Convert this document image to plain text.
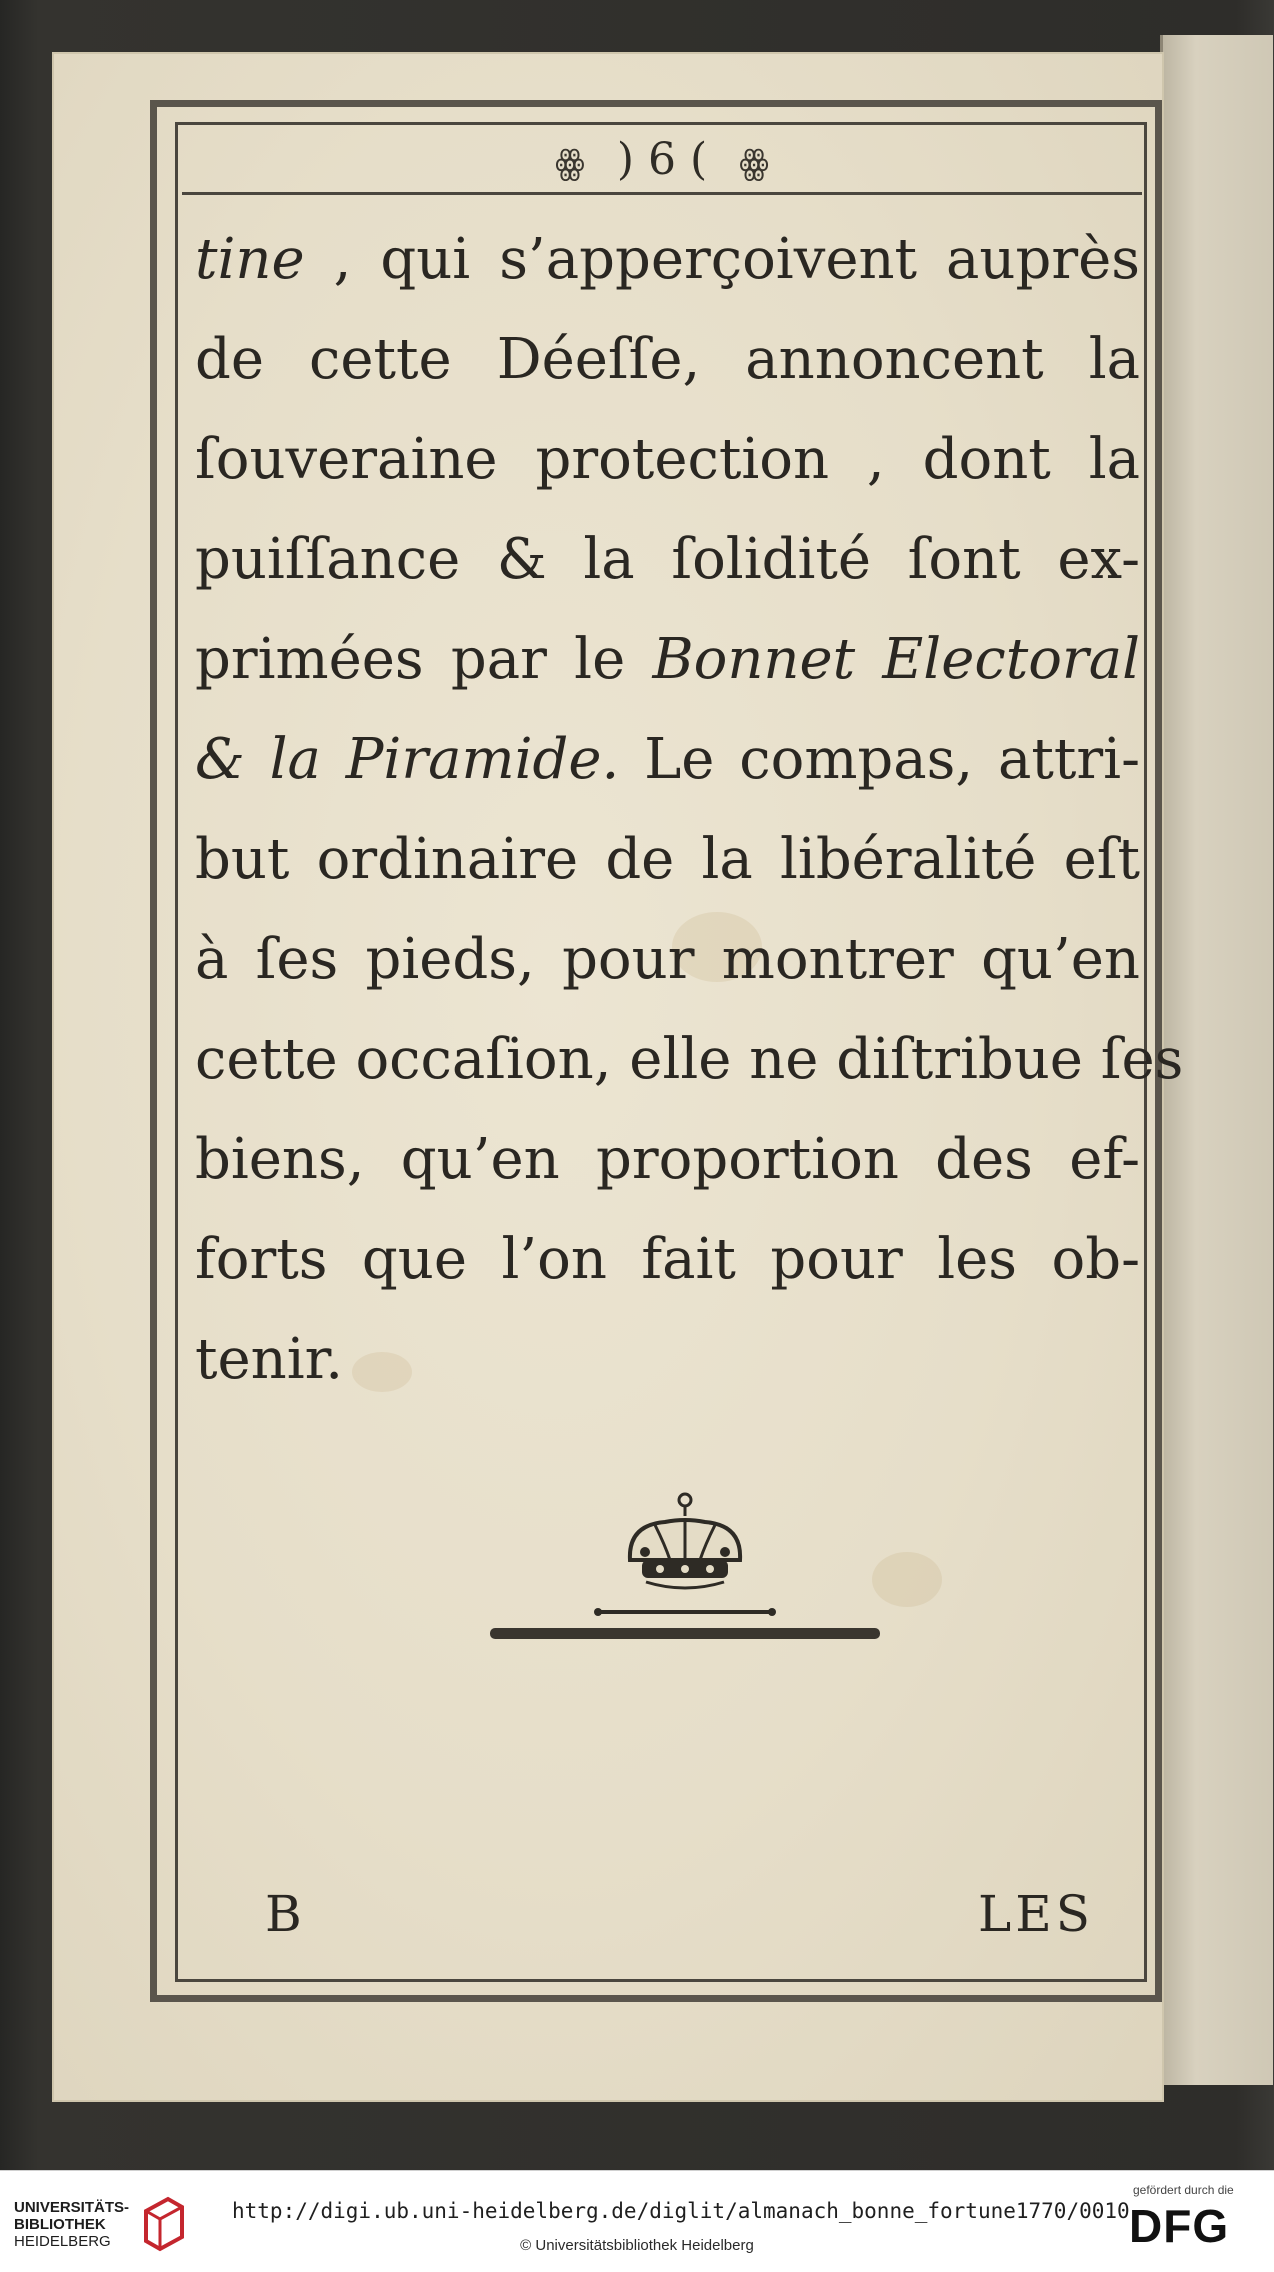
ꙮ ) 6 ( ꙮ
tine , qui s’apperçoivent auprès
de cette Déeſſe, annoncent la
ſouveraine protection , dont la
puiſſance & la ſolidité ſont ex-
primées par le Bonnet Electoral
& la Piramide. Le compas, attri-
but ordinaire de la libéralité eſt
à ſes pieds, pour montrer qu’en
cette occaſion, elle ne diſtribue ſes
biens, qu’en proportion des ef-
forts que l’on fait pour les ob-
tenir.
B	LES
UNIVERSITÄTS-
BIBLIOTHEK
HEIDELBERG
http://digi.ub.uni-heidelberg.de/diglit/almanach_bonne_fortune1770/0010
© Universitätsbibliothek Heidelberg
gefördert durch die
DFG
